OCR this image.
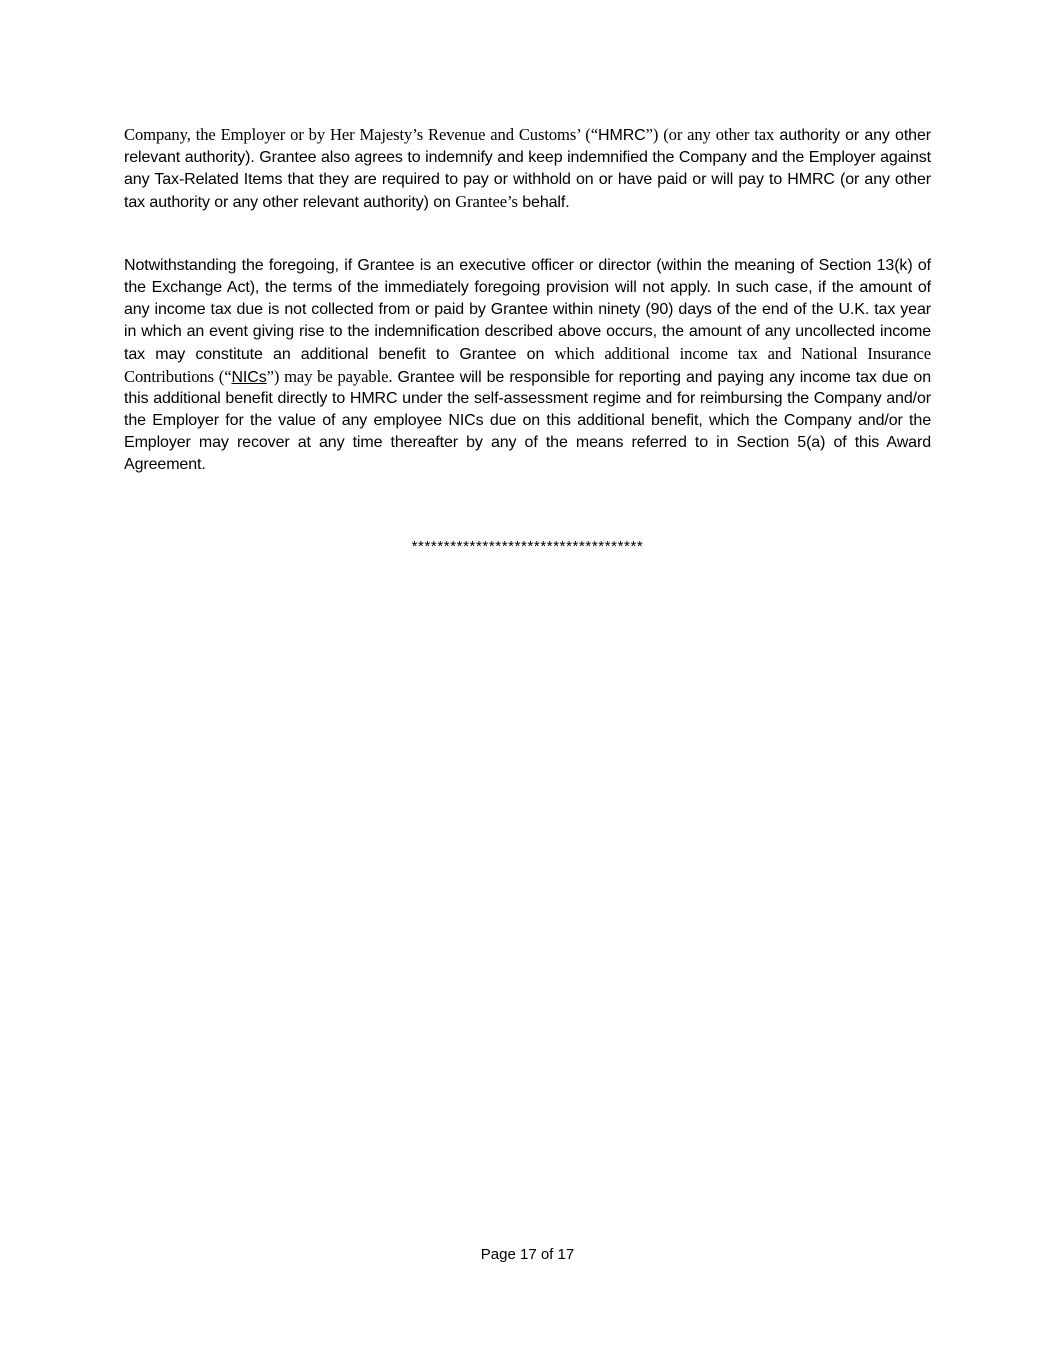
Company, the Employer or by Her Majesty’s Revenue and Customs’ (“HMRC”) (or any other tax authority or any other relevant authority). Grantee also agrees to indemnify and keep indemnified the Company and the Employer against any Tax-Related Items that they are required to pay or withhold on or have paid or will pay to HMRC (or any other tax authority or any other relevant authority) on Grantee’s behalf.

Notwithstanding the foregoing, if Grantee is an executive officer or director (within the meaning of Section 13(k) of the Exchange Act), the terms of the immediately foregoing provision will not apply. In such case, if the amount of any income tax due is not collected from or paid by Grantee within ninety (90) days of the end of the U.K. tax year in which an event giving rise to the indemnification described above occurs, the amount of any uncollected income tax may constitute an additional benefit to Grantee on which additional income tax and National Insurance Contributions (“NICs”) may be payable. Grantee will be responsible for reporting and paying any income tax due on this additional benefit directly to HMRC under the self-assessment regime and for reimbursing the Company and/or the Employer for the value of any employee NICs due on this additional benefit, which the Company and/or the Employer may recover at any time thereafter by any of the means referred to in Section 5(a) of this Award Agreement.

************************************
Page 17 of 17
